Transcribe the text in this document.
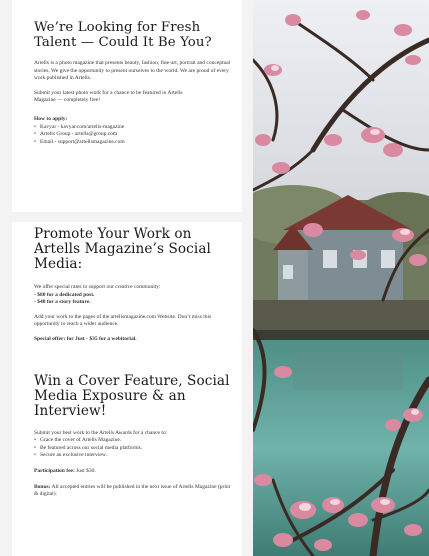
We’re Looking for Fresh Talent — Could It Be You?

Artells is a photo magazine that presents beauty, fashion, fine-art, portrait and conceptual stories. We give the opportunity to present ourselves to the world. We are proud of every work published in Artells.

Submit your latest photo work for a chance to be featured in Artells Magazine — completely free!

How to apply:

• Kavyar - kavyar.com/artells-magazine
• Artells Group - artells@group.com
• Email - support@artellsmagazine.com
Promote Your Work on Artells Magazine’s Social Media:

We offer special rates to support our creative community:

- $80 for a dedicated post.

- $40 for a story feature.

Add your work to the pages of the artellsmagazine.com Website. Don’t miss this opportunity to reach a wider audience.

Special offer: for Just - $35 for a webitorial.

Win a Cover Feature, Social Media Exposure & an Interview!

Submit your best work to the Artells Awards for a chance to:

• Grace the cover of Artells Magazine.
• Be featured across our social media platforms.
• Secure an exclusive interview.

Participation fee: Just $30.

Bonus: All accepted entries will be published in the next issue of Artells Magazine (print & digital).
